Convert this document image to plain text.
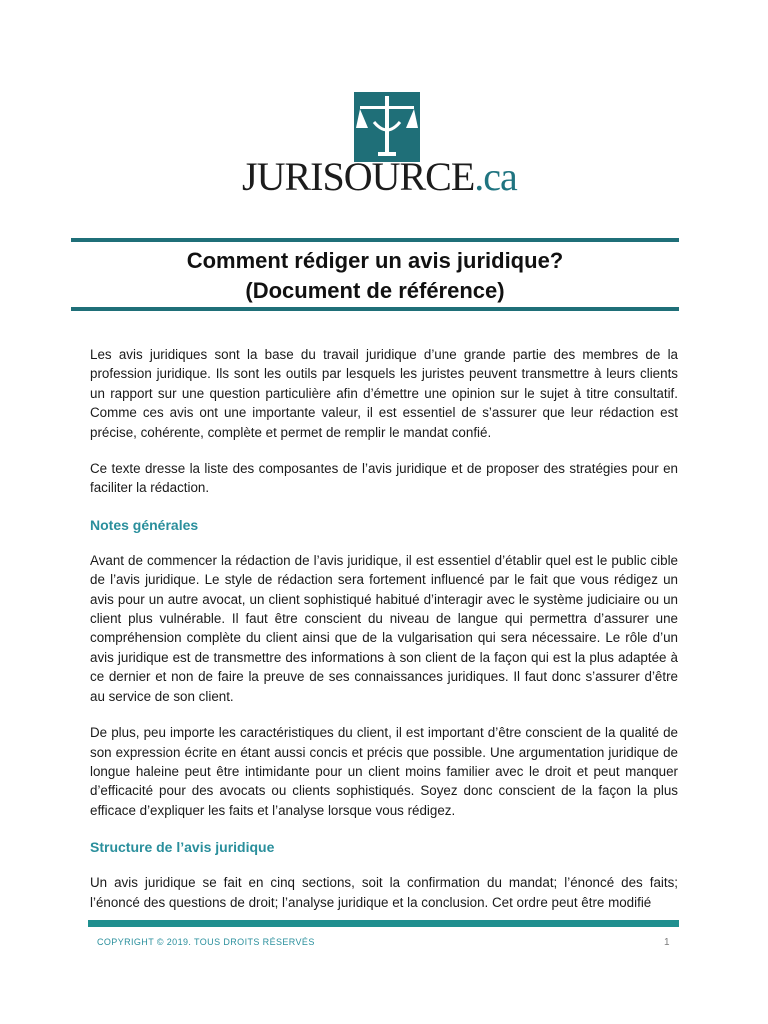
JURISOURCE.ca
Comment rédiger un avis juridique?
(Document de référence)

Les avis juridiques sont la base du travail juridique d’une grande partie des membres de la profession juridique. Ils sont les outils par lesquels les juristes peuvent transmettre à leurs clients un rapport sur une question particulière afin d’émettre une opinion sur le sujet à titre consultatif. Comme ces avis ont une importante valeur, il est essentiel de s’assurer que leur rédaction est précise, cohérente, complète et permet de remplir le mandat confié.

Ce texte dresse la liste des composantes de l’avis juridique et de proposer des stratégies pour en faciliter la rédaction.

Notes générales

Avant de commencer la rédaction de l’avis juridique, il est essentiel d’établir quel est le public cible de l’avis juridique. Le style de rédaction sera fortement influencé par le fait que vous rédigez un avis pour un autre avocat, un client sophistiqué habitué d’interagir avec le système judiciaire ou un client plus vulnérable. Il faut être conscient du niveau de langue qui permettra d’assurer une compréhension complète du client ainsi que de la vulgarisation qui sera nécessaire. Le rôle d’un avis juridique est de transmettre des informations à son client de la façon qui est la plus adaptée à ce dernier et non de faire la preuve de ses connaissances juridiques. Il faut donc s’assurer d’être au service de son client.

De plus, peu importe les caractéristiques du client, il est important d’être conscient de la qualité de son expression écrite en étant aussi concis et précis que possible. Une argumentation juridique de longue haleine peut être intimidante pour un client moins familier avec le droit et peut manquer d’efficacité pour des avocats ou clients sophistiqués. Soyez donc conscient de la façon la plus efficace d’expliquer les faits et l’analyse lorsque vous rédigez.

Structure de l’avis juridique

Un avis juridique se fait en cinq sections, soit la confirmation du mandat; l’énoncé des faits; l’énoncé des questions de droit; l’analyse juridique et la conclusion. Cet ordre peut être modifié

COPYRIGHT © 2019. TOUS DROITS RÉSERVÉS	1
